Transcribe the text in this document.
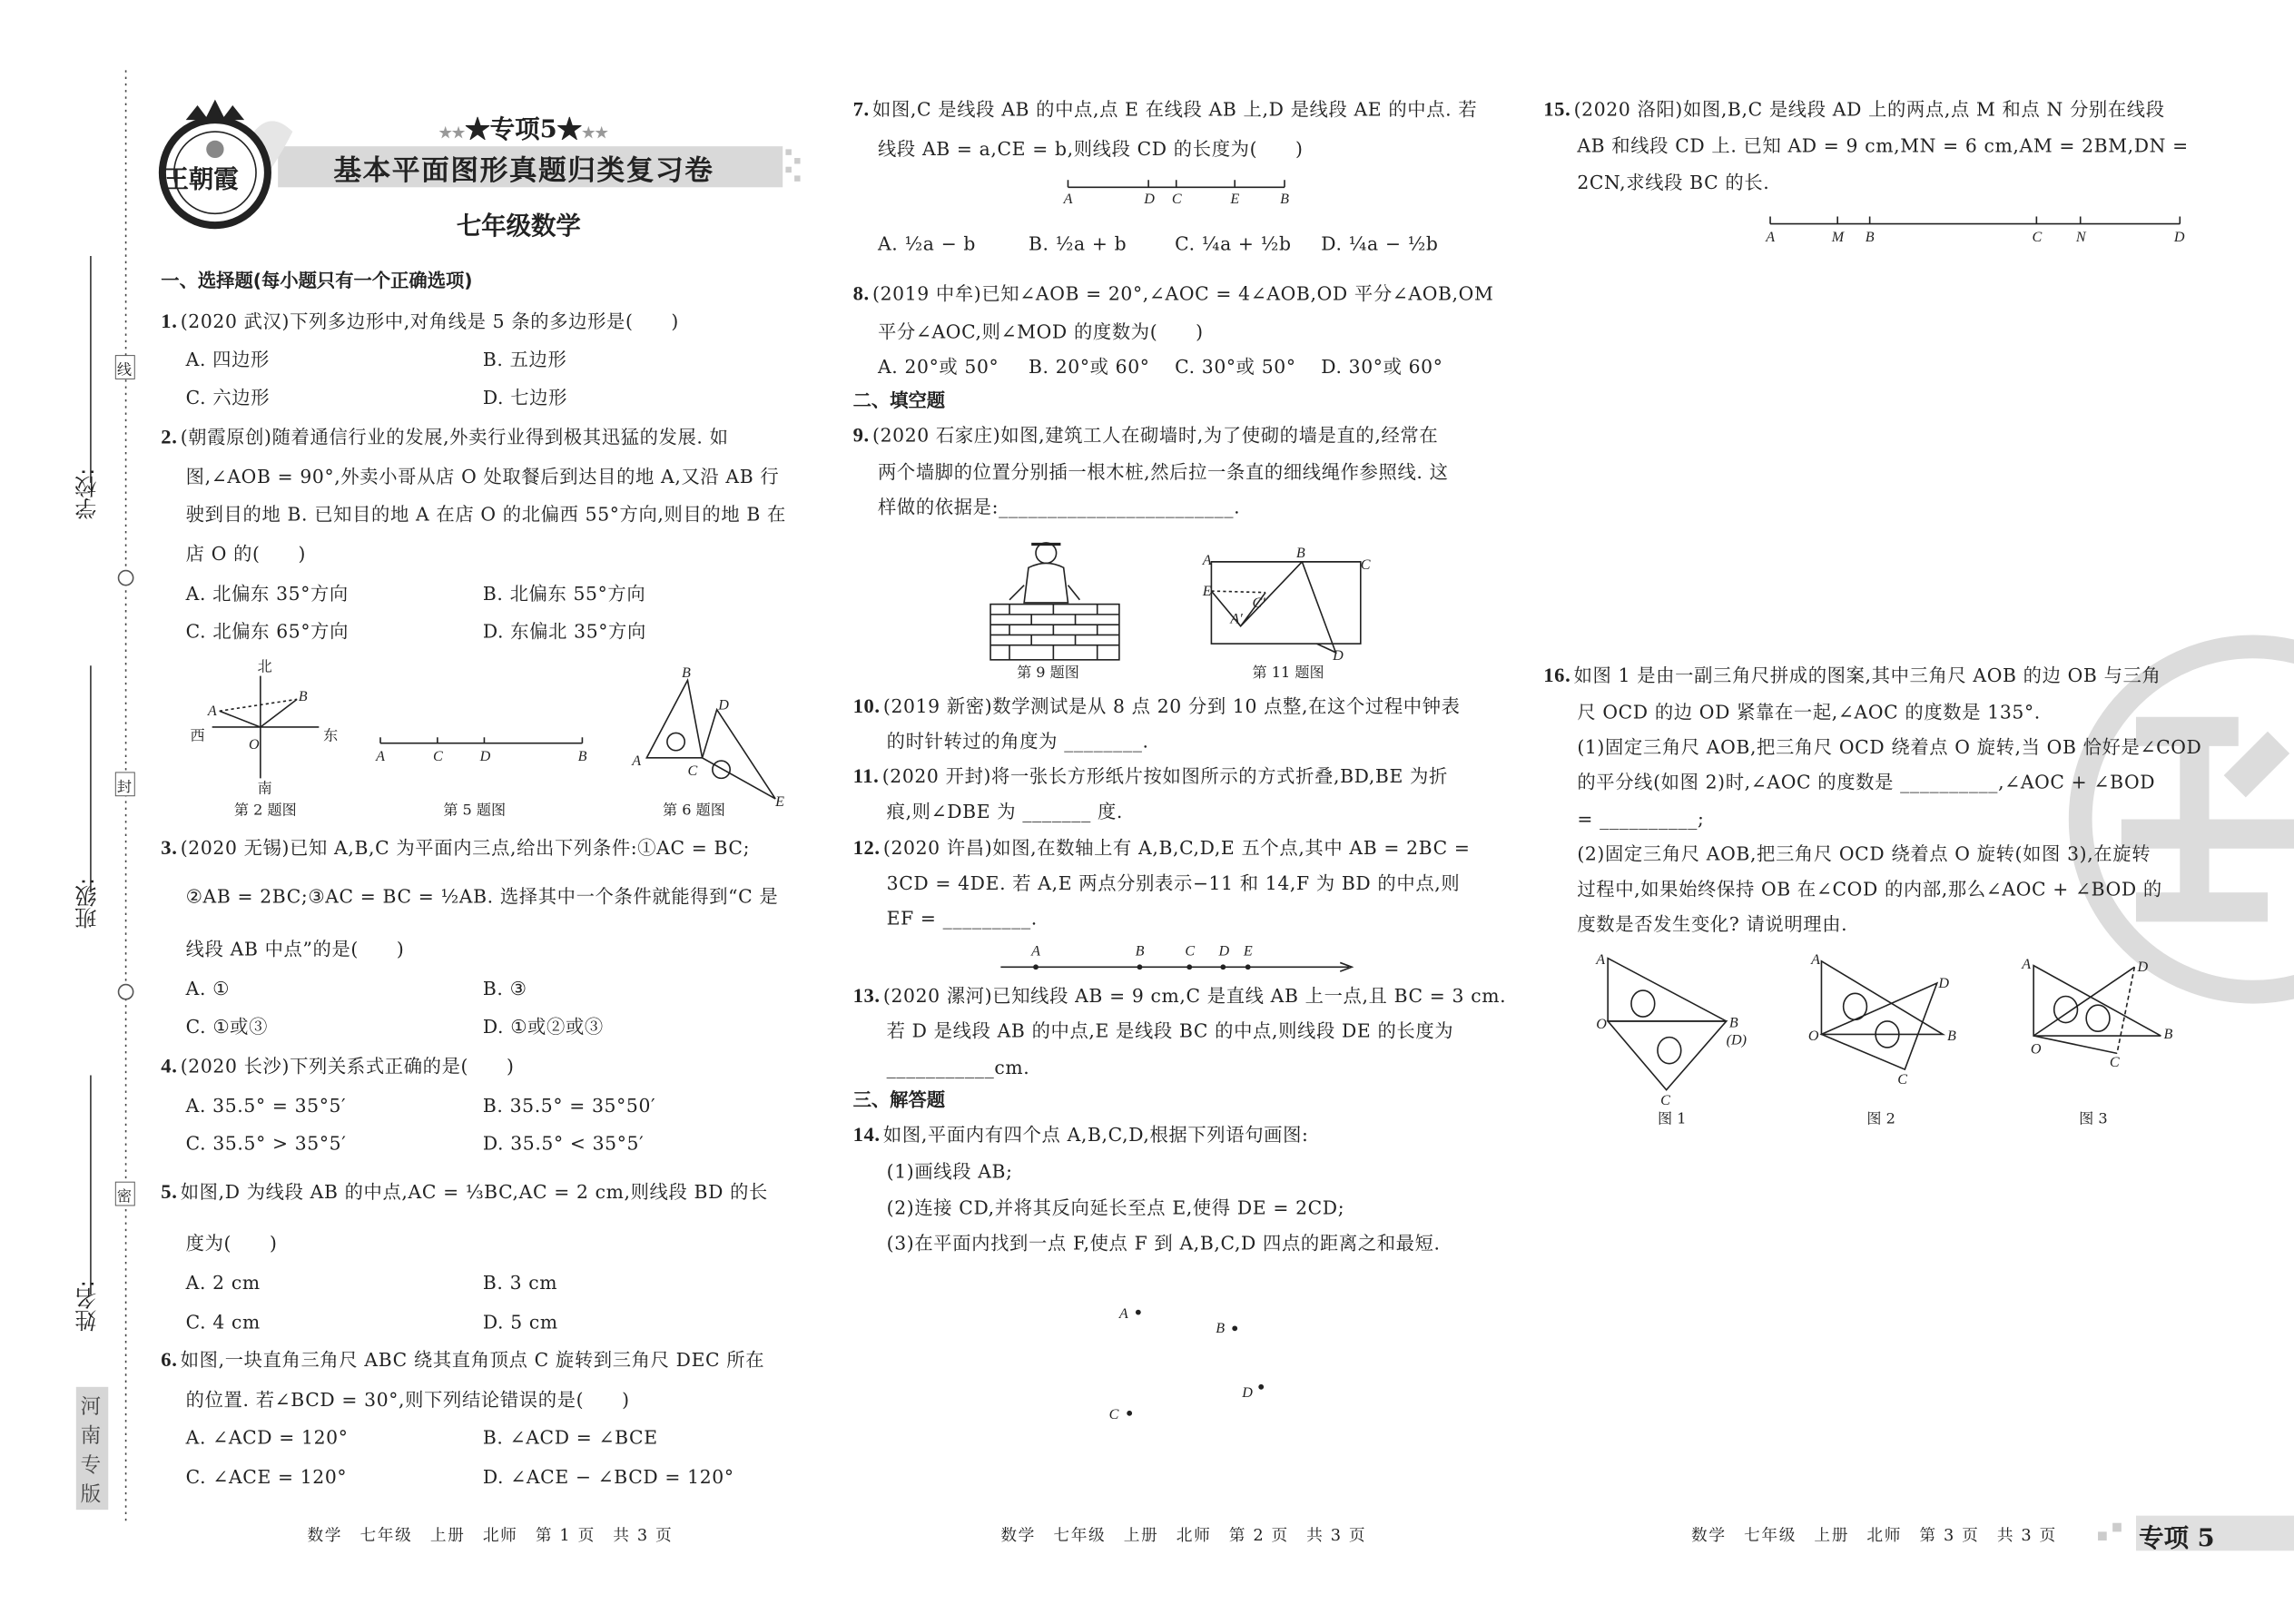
线
封
密
学校:
班级:
姓名:
河南专版
王朝霞
★★★专项5★★★
基本平面图形真题归类复习卷
七年级数学
一、选择题(每小题只有一个正确选项)
二、填空题
三、解答题
1. (2020 武汉)下列多边形中,对角线是 5 条的多边形是(　　)
A. 四边形	B. 五边形
C. 六边形	D. 七边形
2. (朝霞原创)随着通信行业的发展,外卖行业得到极其迅猛的发展. 如
图,∠AOB = 90°,外卖小哥从店 O 处取餐后到达目的地 A,又沿 AB 行
驶到目的地 B. 已知目的地 A 在店 O 的北偏西 55°方向,则目的地 B 在
店 O 的(　　)
A. 北偏东 35°方向	B. 北偏东 55°方向
C. 北偏东 65°方向	D. 东偏北 35°方向
3. (2020 无锡)已知 A,B,C 为平面内三点,给出下列条件:①AC = BC;
②AB = 2BC;③AC = BC = ½AB. 选择其中一个条件就能得到“C 是
线段 AB 中点”的是(　　)
A. ①	B. ③
C. ①或③	D. ①或②或③
4. (2020 长沙)下列关系式正确的是(　　)
A. 35.5° = 35°5′	B. 35.5° = 35°50′
C. 35.5° > 35°5′	D. 35.5° < 35°5′
5. 如图,D 为线段 AB 的中点,AC = ⅓BC,AC = 2 cm,则线段 BD 的长
度为(　　)
A. 2 cm	B. 3 cm
C. 4 cm	D. 5 cm
6. 如图,一块直角三角尺 ABC 绕其直角顶点 C 旋转到三角尺 DEC 所在
的位置. 若∠BCD = 30°,则下列结论错误的是(　　)
A. ∠ACD = 120°	B. ∠ACD = ∠BCE
C. ∠ACE = 120°	D. ∠ACE − ∠BCD = 120°
7. 如图,C 是线段 AB 的中点,点 E 在线段 AB 上,D 是线段 AE 的中点. 若
线段 AB = a,CE = b,则线段 CD 的长度为(　　)
A. ½a − b	B. ½a + b	C. ¼a + ½b	D. ¼a − ½b
8. (2019 中牟)已知∠AOB = 20°,∠AOC = 4∠AOB,OD 平分∠AOB,OM
平分∠AOC,则∠MOD 的度数为(　　)
A. 20°或 50°	B. 20°或 60° C. 30°或 50° D. 30°或 60°
9. (2020 石家庄)如图,建筑工人在砌墙时,为了使砌的墙是直的,经常在
两个墙脚的位置分别插一根木桩,然后拉一条直的细线绳作参照线. 这
样做的依据是:________________________.
10. (2019 新密)数学测试是从 8 点 20 分到 10 点整,在这个过程中钟表
的时针转过的角度为 ________.
11. (2020 开封)将一张长方形纸片按如图所示的方式折叠,BD,BE 为折
痕,则∠DBE 为 _______ 度.
12. (2020 许昌)如图,在数轴上有 A,B,C,D,E 五个点,其中 AB = 2BC =
3CD = 4DE. 若 A,E 两点分别表示−11 和 14,F 为 BD 的中点,则
EF = _________.
13. (2020 漯河)已知线段 AB = 9 cm,C 是直线 AB 上一点,且 BC = 3 cm.
若 D 是线段 AB 的中点,E 是线段 BC 的中点,则线段 DE 的长度为
___________cm.
14. 如图,平面内有四个点 A,B,C,D,根据下列语句画图:
(1)画线段 AB;
(2)连接 CD,并将其反向延长至点 E,使得 DE = 2CD;
(3)在平面内找到一点 F,使点 F 到 A,B,C,D 四点的距离之和最短.
15. (2020 洛阳)如图,B,C 是线段 AD 上的两点,点 M 和点 N 分别在线段
AB 和线段 CD 上. 已知 AD = 9 cm,MN = 6 cm,AM = 2BM,DN =
2CN,求线段 BC 的长.
16. 如图 1 是由一副三角尺拼成的图案,其中三角尺 AOB 的边 OB 与三角
尺 OCD 的边 OD 紧靠在一起,∠AOC 的度数是 135°.
(1)固定三角尺 AOB,把三角尺 OCD 绕着点 O 旋转,当 OB 恰好是∠COD
的平分线(如图 2)时,∠AOC 的度数是 __________,∠AOC + ∠BOD
= __________;
(2)固定三角尺 AOB,把三角尺 OCD 绕着点 O 旋转(如图 3),在旋转
过程中,如果始终保持 OB 在∠COD 的内部,那么∠AOC + ∠BOD 的
度数是否发生变化? 请说明理由.
北
南
西	东
O
A
B
A	C	D	B
B
A
C
D
E
A	D C	E	B
A	B
C
E
C′
A′
D
A	B	C	D E
A
B
C
D
A	M B	C	N	D
A
O	B
(D)
C
A
O	B
D
C
A
O
B
D
C
第 2 题图	第 5 题图	第 6 题图
第 9 题图	第 11 题图
图 1	图 2	图 3
数学　七年级　上册　北师　第 1 页　共 3 页	数学　七年级　上册　北师　第 2 页　共 3 页	数学　七年级　上册　北师　第 3 页　共 3 页	专项 5
